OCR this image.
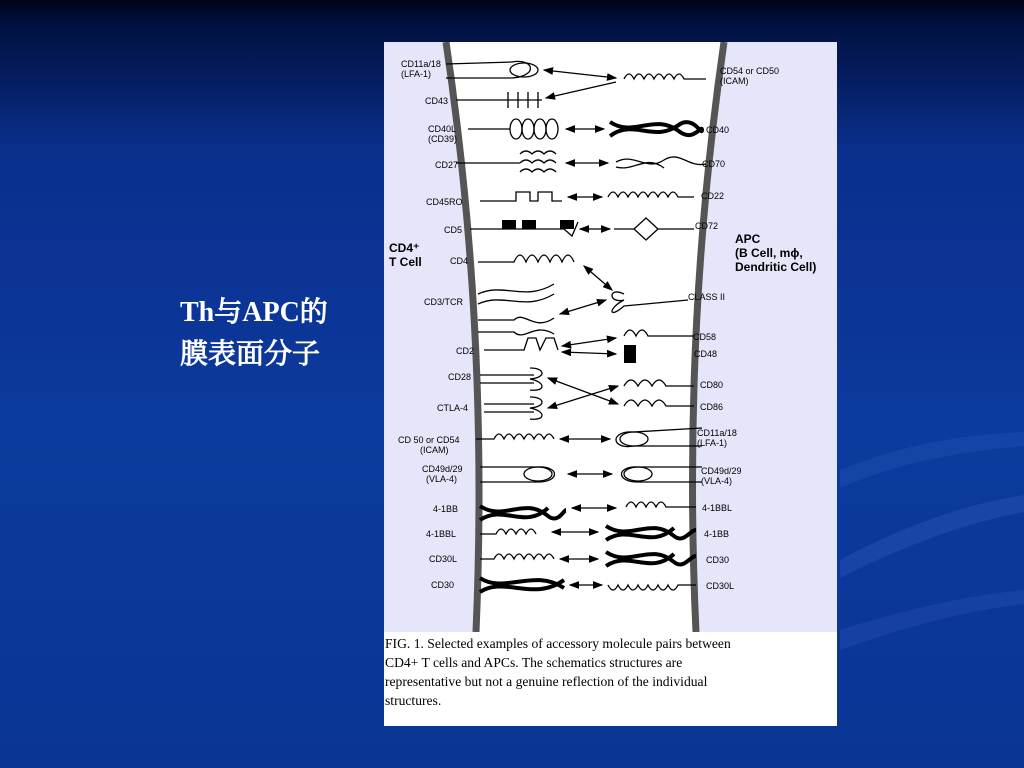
Th与APC的
膜表面分子
CD4⁺ T Cell
APC (B Cell, mϕ, Dendritic Cell)
CD11a/18 (LFA-1)
CD43
CD40L (CD39)
CD27
CD45RO
CD5
CD4
CD3/TCR
CD2
CD28
CTLA-4
CD 50 or CD54 (ICAM)
CD49d/29 (VLA-4)
4-1BB
4-1BBL
CD30L
CD30
CD54 or CD50 (ICAM)
CD40
CD70
CD22
CD72
CLASS II
CD58
CD48
CD80
CD86
CD11a/18 (LFA-1)
CD49d/29 (VLA-4)
4-1BBL
4-1BB
CD30
CD30L

FIG. 1. Selected examples of accessory molecule pairs between
CD4+ T cells and APCs. The schematics structures are
representative but not a genuine reflection of the individual
structures.
